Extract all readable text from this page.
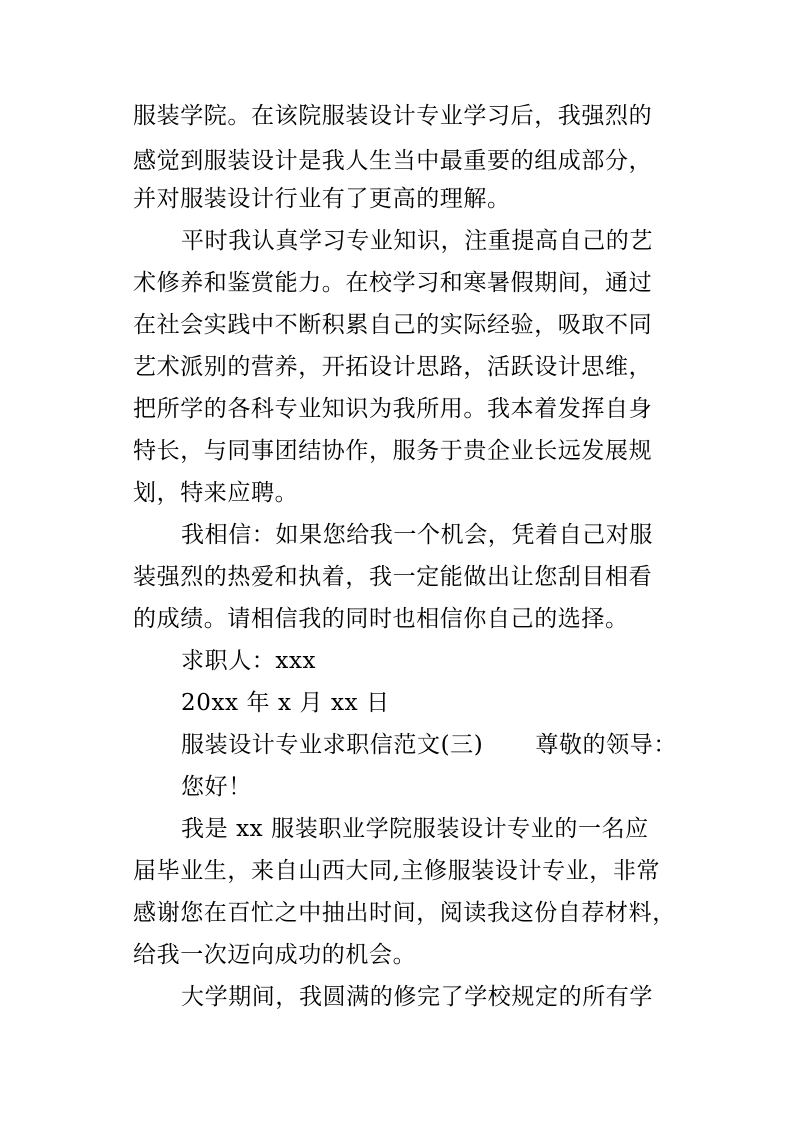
服装学院。在该院服装设计专业学习后，我强烈的
感觉到服装设计是我人生当中最重要的组成部分，
并对服装设计行业有了更高的理解。
平时我认真学习专业知识，注重提高自己的艺
术修养和鉴赏能力。在校学习和寒暑假期间，通过
在社会实践中不断积累自己的实际经验，吸取不同
艺术派别的营养，开拓设计思路，活跃设计思维，
把所学的各科专业知识为我所用。我本着发挥自身
特长，与同事团结协作，服务于贵企业长远发展规
划，特来应聘。
我相信：如果您给我一个机会，凭着自己对服
装强烈的热爱和执着，我一定能做出让您刮目相看
的成绩。请相信我的同时也相信你自己的选择。
求职人：xxx
20xx 年 x 月 xx 日
服装设计专业求职信范文(三) 尊敬的领导：
您好！
我是 xx 服装职业学院服装设计专业的一名应
届毕业生，来自山西大同,主修服装设计专业，非常
感谢您在百忙之中抽出时间，阅读我这份自荐材料，
给我一次迈向成功的机会。
大学期间，我圆满的修完了学校规定的所有学
